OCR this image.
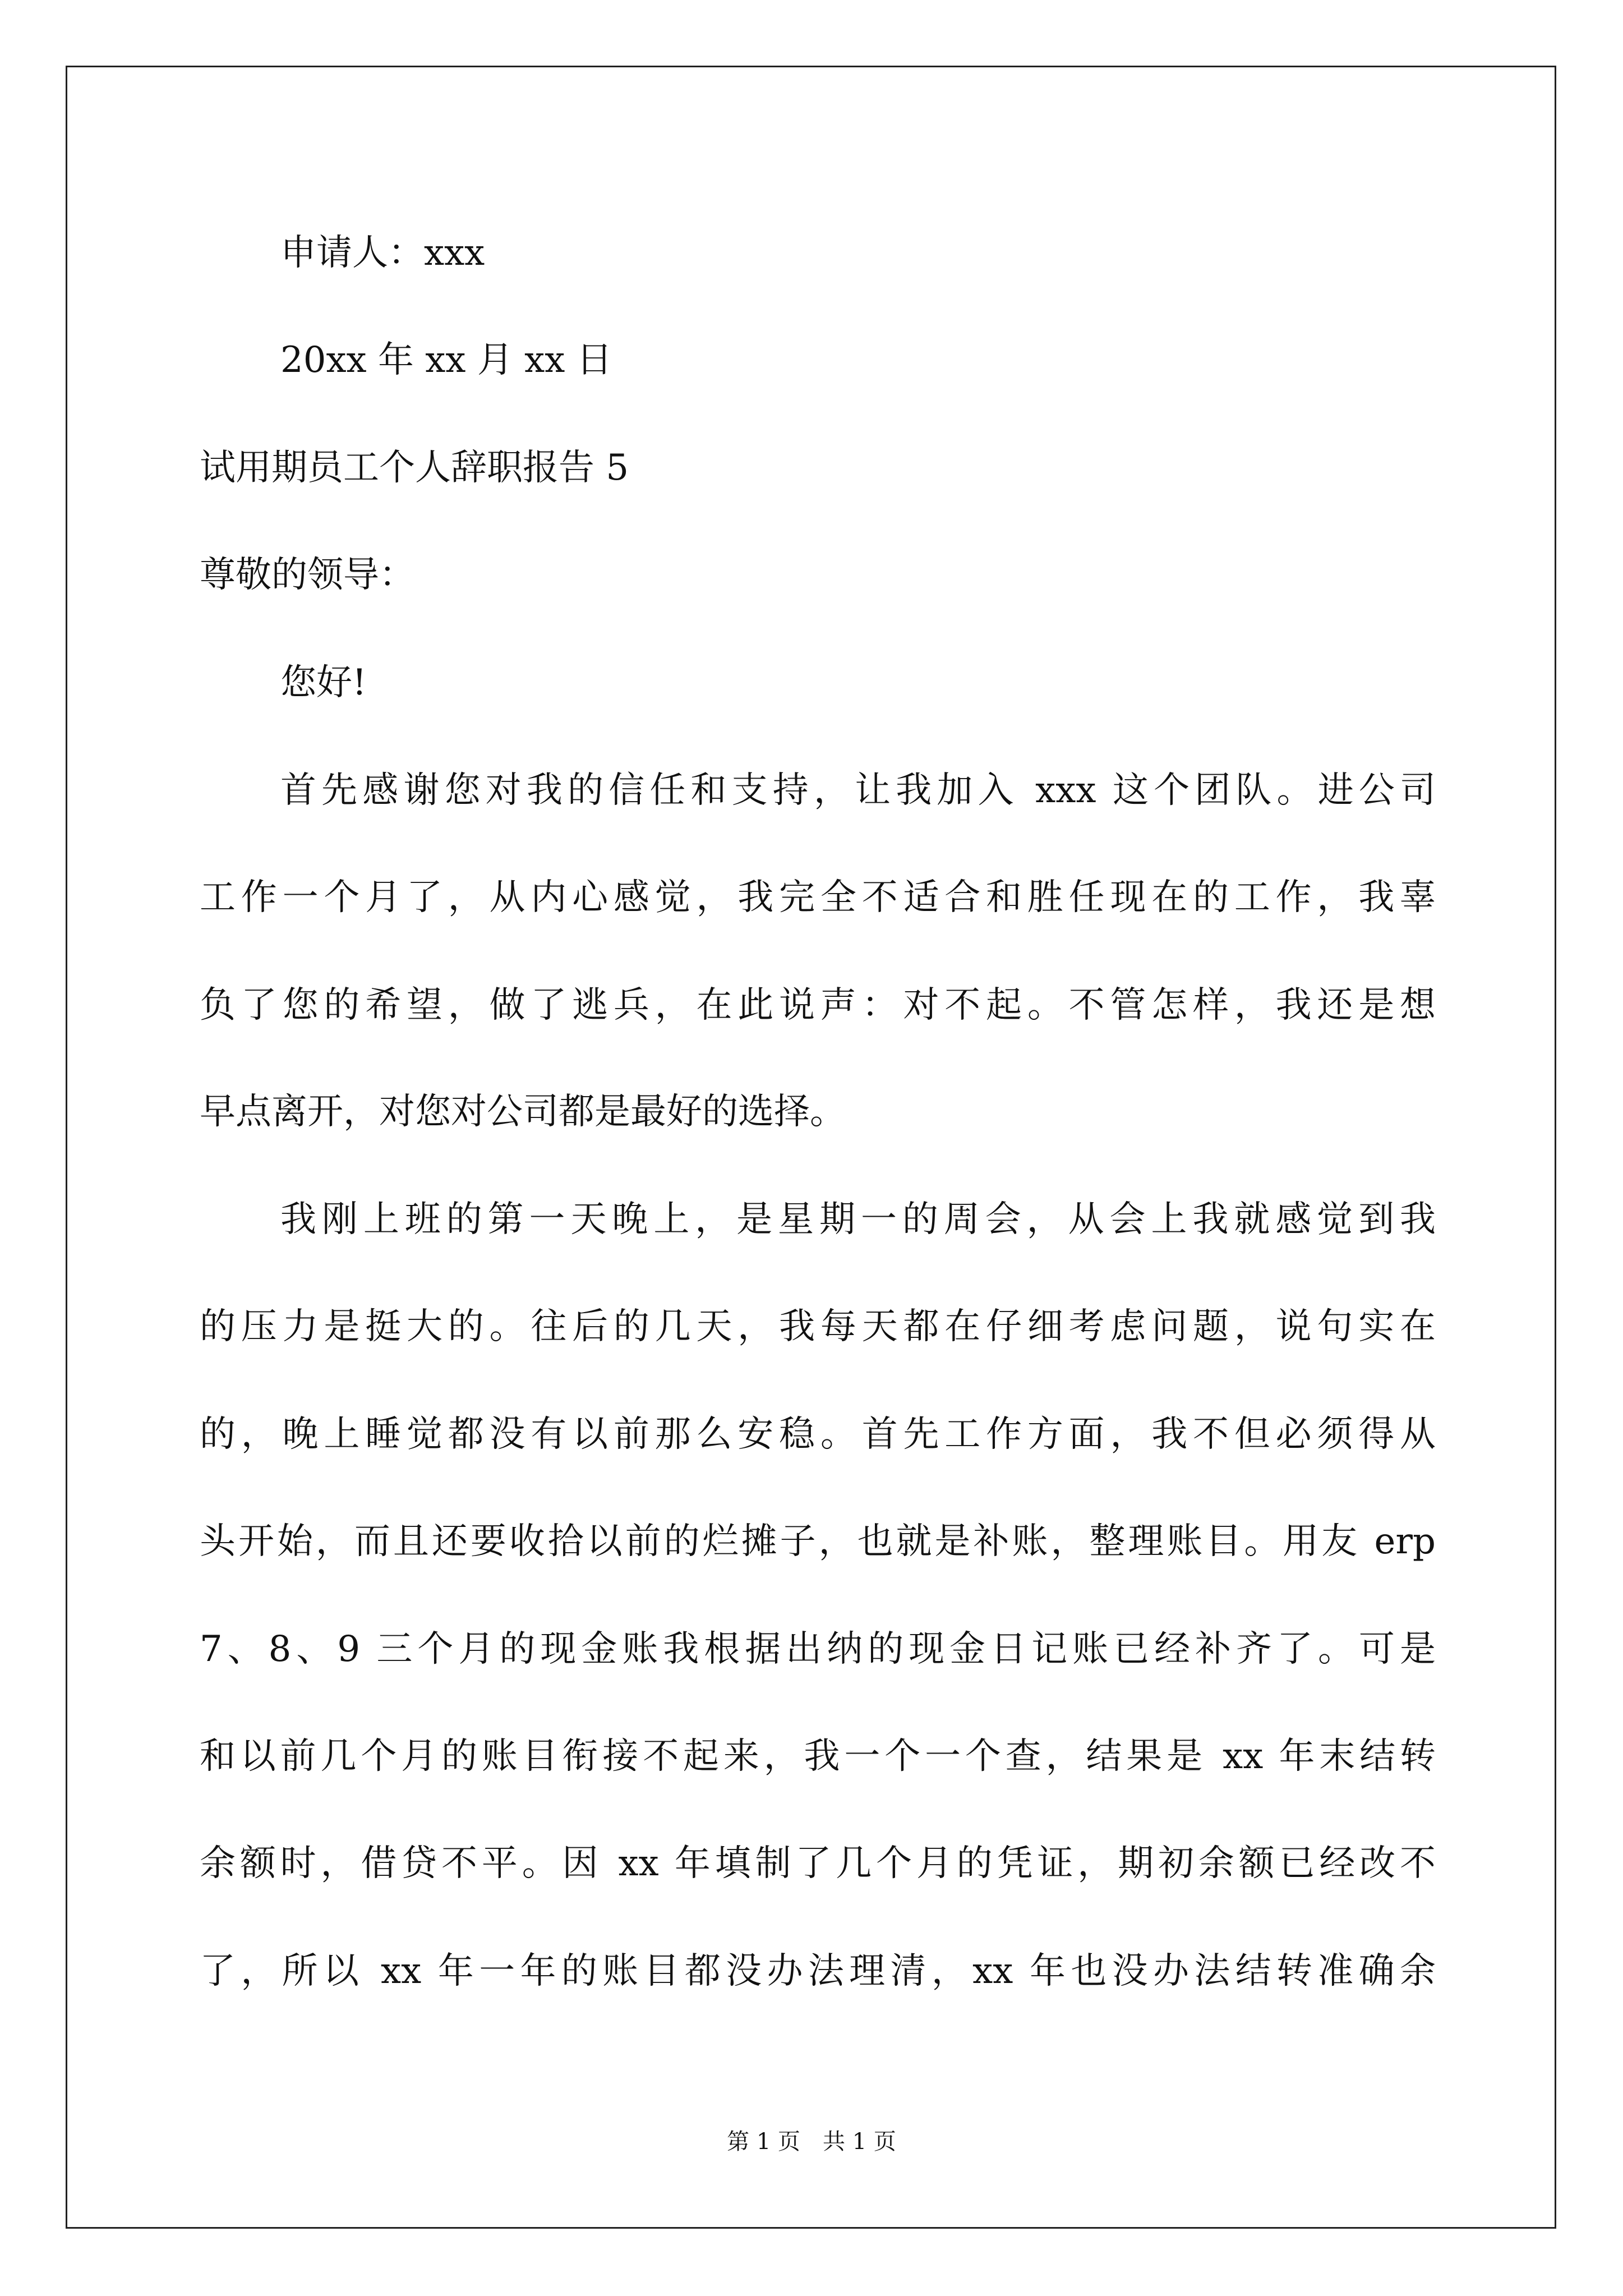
申请人：xxx
20xx 年 xx 月 xx 日
试用期员工个人辞职报告 5
尊敬的领导：
您好!
首先感谢您对我的信任和支持，让我加入 xxx 这个团队。进公司
工作一个月了，从内心感觉，我完全不适合和胜任现在的工作，我辜
负了您的希望，做了逃兵，在此说声：对不起。不管怎样，我还是想
早点离开，对您对公司都是最好的选择。
我刚上班的第一天晚上，是星期一的周会，从会上我就感觉到我
的压力是挺大的。往后的几天，我每天都在仔细考虑问题，说句实在
的，晚上睡觉都没有以前那么安稳。首先工作方面，我不但必须得从
头开始，而且还要收拾以前的烂摊子，也就是补账，整理账目。用友 erp
7、8、9 三个月的现金账我根据出纳的现金日记账已经补齐了。可是
和以前几个月的账目衔接不起来，我一个一个查，结果是 xx 年末结转
余额时，借贷不平。因 xx 年填制了几个月的凭证，期初余额已经改不
了，所以 xx 年一年的账目都没办法理清，xx 年也没办法结转准确余
第 1 页　共 1 页
